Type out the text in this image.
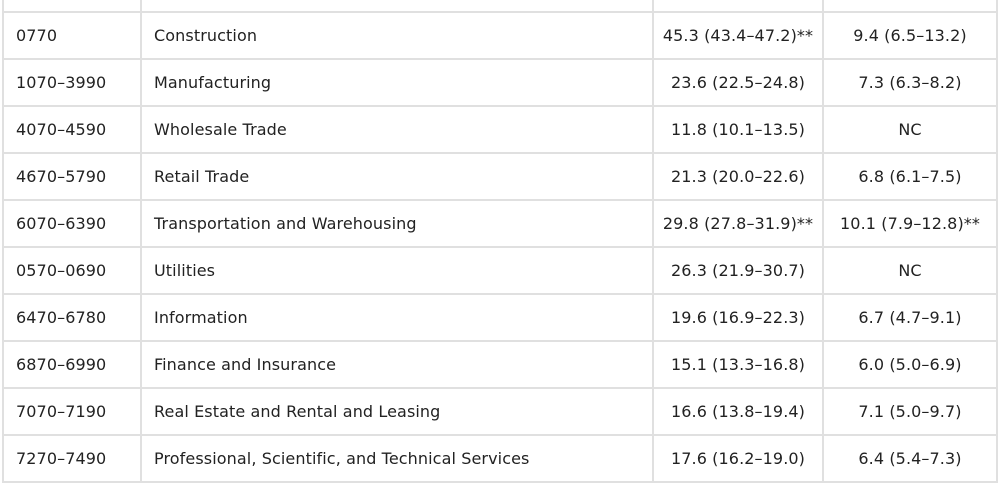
0770	Construction	45.3 (43.4–47.2)**	9.4 (6.5–13.2)
1070–3990	Manufacturing	23.6 (22.5–24.8)	7.3 (6.3–8.2)
4070–4590	Wholesale Trade	11.8 (10.1–13.5)	NC
4670–5790	Retail Trade	21.3 (20.0–22.6)	6.8 (6.1–7.5)
6070–6390	Transportation and Warehousing	29.8 (27.8–31.9)**	10.1 (7.9–12.8)**
0570–0690	Utilities	26.3 (21.9–30.7)	NC
6470–6780	Information	19.6 (16.9–22.3)	6.7 (4.7–9.1)
6870–6990	Finance and Insurance	15.1 (13.3–16.8)	6.0 (5.0–6.9)
7070–7190	Real Estate and Rental and Leasing	16.6 (13.8–19.4)	7.1 (5.0–9.7)
7270–7490	Professional, Scientific, and Technical Services	17.6 (16.2–19.0)	6.4 (5.4–7.3)
